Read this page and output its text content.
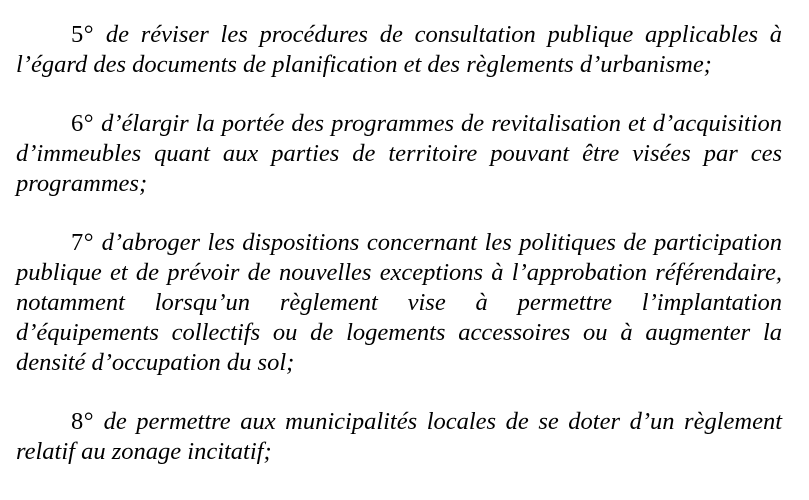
5° de réviser les procédures de consultation publique applicables à l’égard des documents de planification et des règlements d’urbanisme;

6° d’élargir la portée des programmes de revitalisation et d’acquisition d’immeubles quant aux parties de territoire pouvant être visées par ces programmes;

7° d’abroger les dispositions concernant les politiques de participation publique et de prévoir de nouvelles exceptions à l’approbation référendaire, notamment lorsqu’un règlement vise à permettre l’implantation d’équipements collectifs ou de logements accessoires ou à augmenter la densité d’occupation du sol;

8° de permettre aux municipalités locales de se doter d’un règlement relatif au zonage incitatif;
